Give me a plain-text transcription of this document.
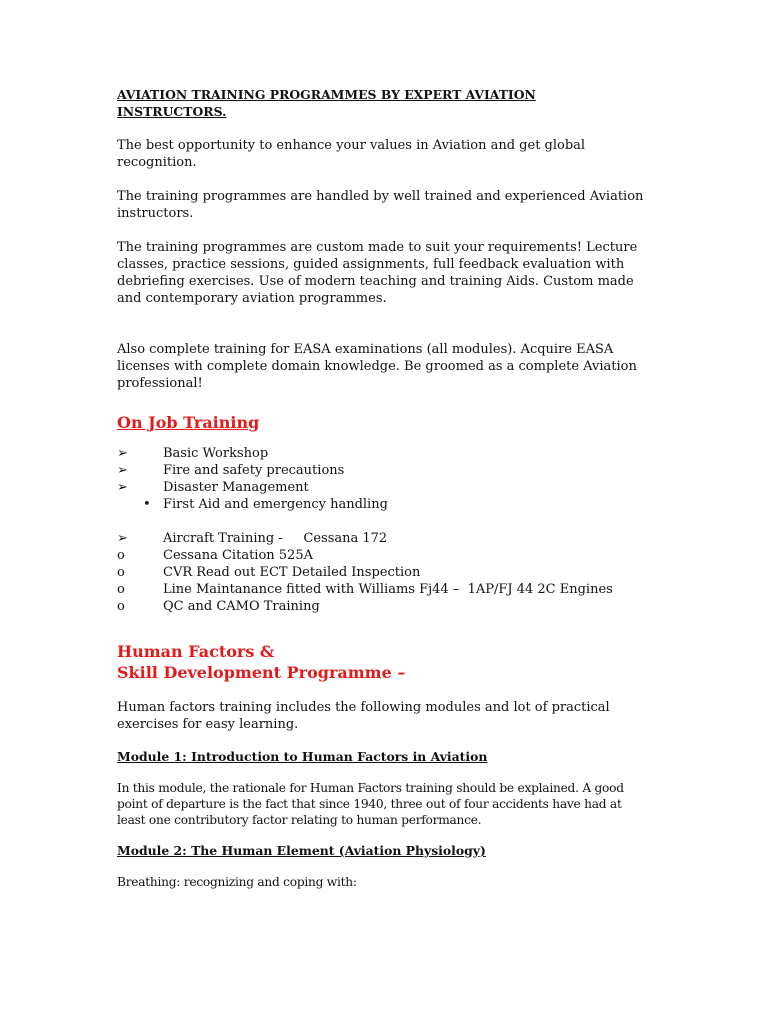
AVIATION TRAINING PROGRAMMES BY EXPERT AVIATION INSTRUCTORS.

The best opportunity to enhance your values in Aviation and get global recognition.

The training programmes are handled by well trained and experienced Aviation instructors.

The training programmes are custom made to suit your requirements! Lecture classes, practice sessions, guided assignments, full feedback evaluation with debriefing exercises. Use of modern teaching and training Aids. Custom made and contemporary aviation programmes.

Also complete training for EASA examinations (all modules). Acquire EASA licenses with complete domain knowledge. Be groomed as a complete Aviation professional!

On Job Training

➢	Basic Workshop
➢	Fire and safety precautions
➢	Disaster Management
• First Aid and emergency handling
➢	Aircraft Training -     Cessana 172
o	Cessana Citation 525A
o	CVR Read out ECT Detailed Inspection
o	Line Maintanance fitted with Williams Fj44 –  1AP/FJ 44 2C Engines
o	QC and CAMO Training

Human Factors &

Skill Development Programme –

Human factors training includes the following modules and lot of practical exercises for easy learning.

Module 1: Introduction to Human Factors in Aviation

In this module, the rationale for Human Factors training should be explained. A good point of departure is the fact that since 1940, three out of four accidents have had at least one contributory factor relating to human performance.

Module 2: The Human Element (Aviation Physiology)

Breathing: recognizing and coping with:
